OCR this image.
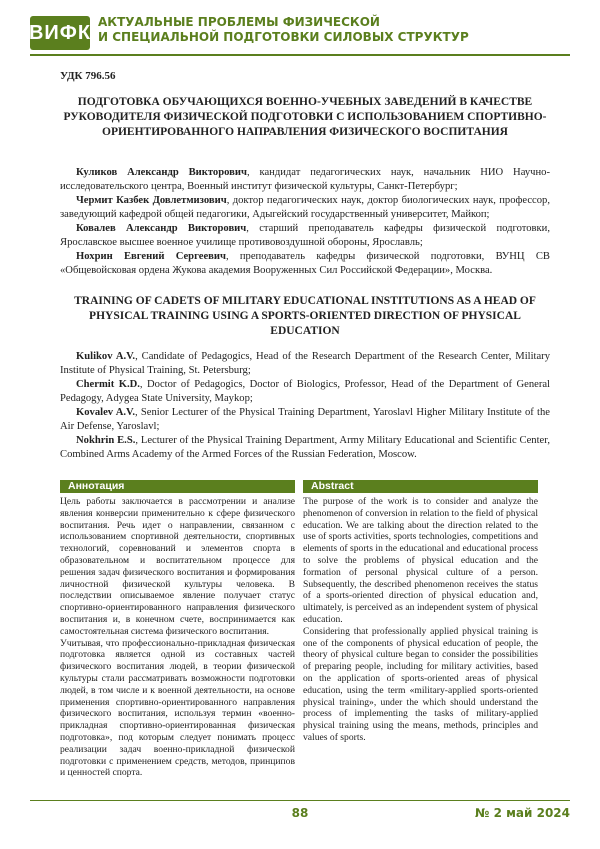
ВИФК АКТУАЛЬНЫЕ ПРОБЛЕМЫ ФИЗИЧЕСКОЙ
И СПЕЦИАЛЬНОЙ ПОДГОТОВКИ СИЛОВЫХ СТРУКТУР
УДК 796.56
ПОДГОТОВКА ОБУЧАЮЩИХСЯ ВОЕННО-УЧЕБНЫХ ЗАВЕДЕНИЙ В КАЧЕСТВЕ РУКОВОДИТЕЛЯ ФИЗИЧЕСКОЙ ПОДГОТОВКИ С ИСПОЛЬЗОВАНИЕМ СПОРТИВНО-ОРИЕНТИРОВАННОГО НАПРАВЛЕНИЯ ФИЗИЧЕСКОГО ВОСПИТАНИЯ

Куликов Александр Викторович, кандидат педагогических наук, начальник НИО Научно-исследовательского центра, Военный институт физической культуры, Санкт-Петербург;

Чермит Казбек Довлетмизович, доктор педагогических наук, доктор биологических наук, профессор, заведующий кафедрой общей педагогики, Адыгейский государственный университет, Майкоп;

Ковалев Александр Викторович, старший преподаватель кафедры физической подготовки, Ярославское высшее военное училище противовоздушной обороны, Ярославль;

Нохрин Евгений Сергеевич, преподаватель кафедры физической подготовки, ВУНЦ СВ «Общевойсковая ордена Жукова академия Вооруженных Сил Российской Федерации», Москва.

TRAINING OF CADETS OF MILITARY EDUCATIONAL INSTITUTIONS AS A HEAD OF PHYSICAL TRAINING USING A SPORTS-ORIENTED DIRECTION OF PHYSICAL EDUCATION

Kulikov A.V., Candidate of Pedagogics, Head of the Research Department of the Research Center, Military Institute of Physical Training, St. Petersburg;

Chermit K.D., Doctor of Pedagogics, Doctor of Biologics, Professor, Head of the Department of General Pedagogy, Adygea State University, Maykop;

Kovalev A.V., Senior Lecturer of the Physical Training Department, Yaroslavl Higher Military Institute of the Air Defense, Yaroslavl;

Nokhrin E.S., Lecturer of the Physical Training Department, Army Military Educational and Scientific Center, Combined Arms Academy of the Armed Forces of the Russian Federation, Moscow.

Аннотация

Цель работы заключается в рассмотрении и анализе явления конверсии применительно к сфере физического воспитания. Речь идет о направлении, связанном с использованием спортивной деятельности, спортивных технологий, соревнований и элементов спорта в образовательном и воспитательном процессе для решения задач физического воспитания и формирования личностной физической культуры человека. В последствии описываемое явление получает статус спортивно-ориентированного направления физического воспитания и, в конечном счете, воспринимается как самостоятельная система физического воспитания.

Учитывая, что профессионально-прикладная физическая подготовка является одной из составных частей физического воспитания людей, в теории физической культуры стали рассматривать возможности подготовки людей, в том числе и к военной деятельности, на основе применения спортивно-ориентированного направления физического воспитания, используя термин «военно-прикладная спортивно-ориентированная физическая подготовка», под которым следует понимать процесс реализации задач военно-прикладной физической подготовки с применением средств, методов, принципов и ценностей спорта.

Abstract

The purpose of the work is to consider and analyze the phenomenon of conversion in relation to the field of physical education. We are talking about the direction related to the use of sports activities, sports technologies, competitions and elements of sports in the educational and educational process to solve the problems of physical education and the formation of personal physical culture of a person. Subsequently, the described phenomenon receives the status of a sports-oriented direction of physical education and, ultimately, is perceived as an independent system of physical education.

Considering that professionally applied physical training is one of the components of physical education of people, the theory of physical culture began to consider the possibilities of preparing people, including for military activities, based on the application of sports-oriented areas of physical education, using the term «military-applied sports-oriented physical training», under the which should understand the process of implementing the tasks of military-applied physical training using the means, methods, principles and values of sports.

88	№ 2 май 2024
